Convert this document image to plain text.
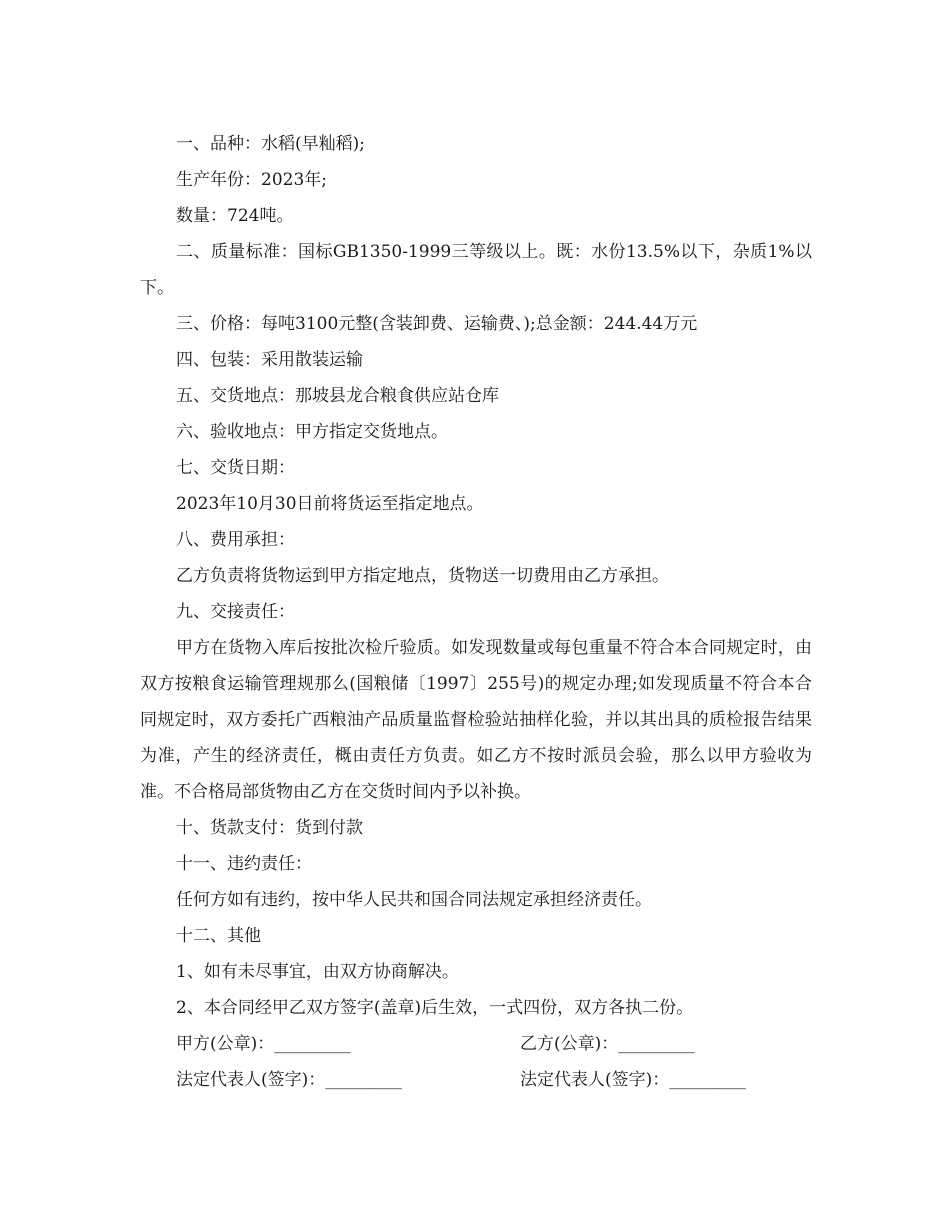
一、品种：水稻(早籼稻);

生产年份：2023年;

数量：724吨。

二、质量标准：国标GB1350-1999三等级以上。既：水份13.5%以下，杂质1%以下。

三、价格：每吨3100元整(含装卸费、运输费、);总金额：244.44万元

四、包装：采用散装运输

五、交货地点：那坡县龙合粮食供应站仓库

六、验收地点：甲方指定交货地点。

七、交货日期：

2023年10月30日前将货运至指定地点。

八、费用承担：

乙方负责将货物运到甲方指定地点，货物送一切费用由乙方承担。

九、交接责任：

甲方在货物入库后按批次检斤验质。如发现数量或每包重量不符合本合同规定时，由双方按粮食运输管理规那么(国粮储〔1997〕255号)的规定办理;如发现质量不符合本合同规定时，双方委托广西粮油产品质量监督检验站抽样化验，并以其出具的质检报告结果为准，产生的经济责任，概由责任方负责。如乙方不按时派员会验，那么以甲方验收为准。不合格局部货物由乙方在交货时间内予以补换。

十、货款支付：货到付款

十一、违约责任：

任何方如有违约，按中华人民共和国合同法规定承担经济责任。

十二、其他

1、如有未尽事宜，由双方协商解决。

2、本合同经甲乙双方签字(盖章)后生效，一式四份，双方各执二份。

甲方(公章)：_________	乙方(公章)：_________

法定代表人(签字)：_________	法定代表人(签字)：_________
